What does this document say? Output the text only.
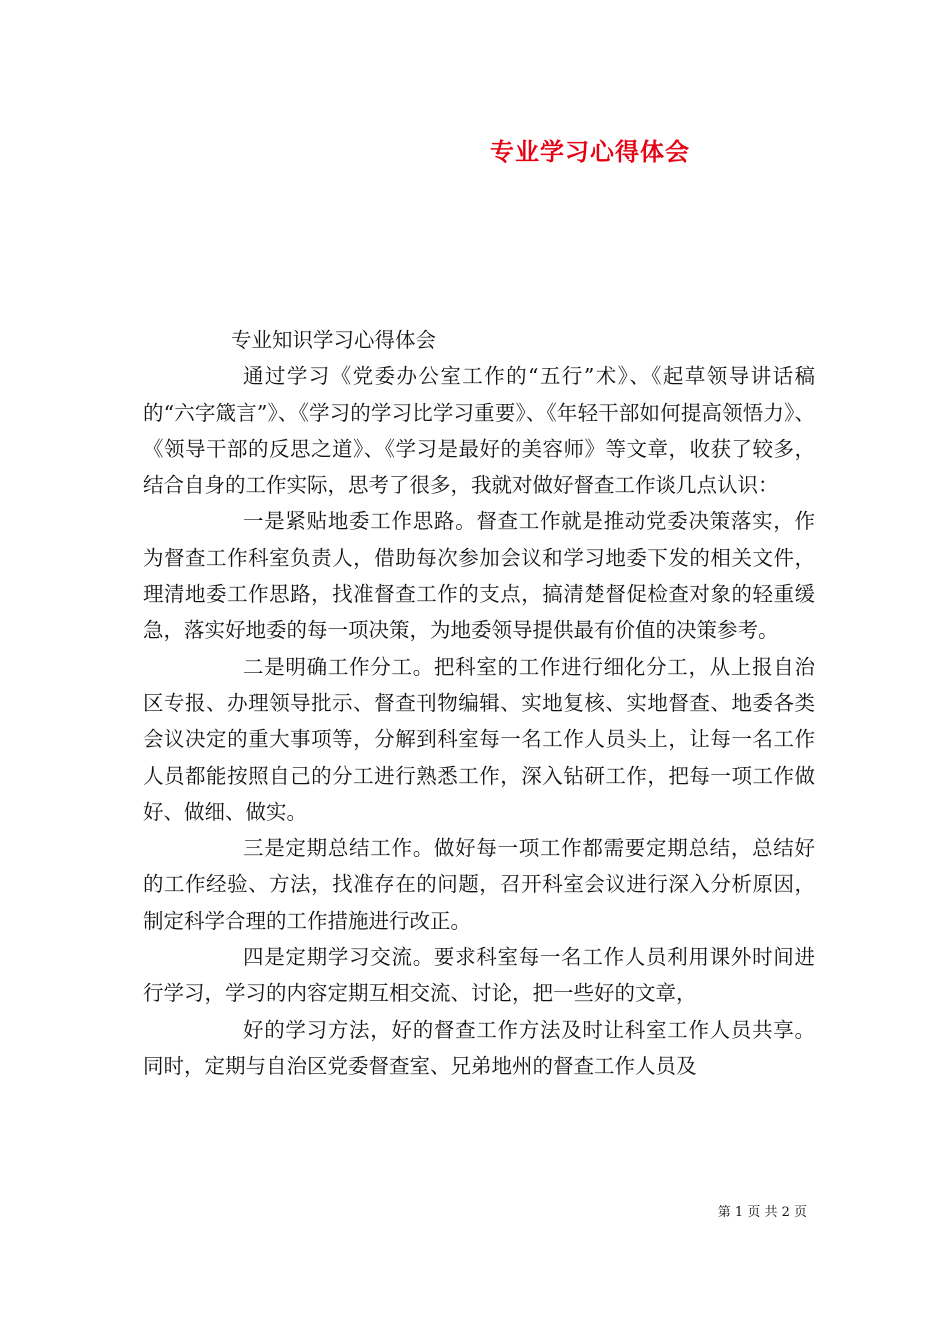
专业学习心得体会

专业知识学习心得体会

通过学习《党委办公室工作的“五行”术》、《起草领导讲话稿的“六字箴言”》、《学习的学习比学习重要》、《年轻干部如何提高领悟力》、《领导干部的反思之道》、《学习是最好的美容师》等文章，收获了较多，结合自身的工作实际，思考了很多，我就对做好督查工作谈几点认识：

一是紧贴地委工作思路。督查工作就是推动党委决策落实，作为督查工作科室负责人，借助每次参加会议和学习地委下发的相关文件，理清地委工作思路，找准督查工作的支点，搞清楚督促检查对象的轻重缓急，落实好地委的每一项决策，为地委领导提供最有价值的决策参考。

二是明确工作分工。把科室的工作进行细化分工，从上报自治区专报、办理领导批示、督查刊物编辑、实地复核、实地督查、地委各类会议决定的重大事项等，分解到科室每一名工作人员头上，让每一名工作人员都能按照自己的分工进行熟悉工作，深入钻研工作，把每一项工作做好、做细、做实。

三是定期总结工作。做好每一项工作都需要定期总结，总结好的工作经验、方法，找准存在的问题，召开科室会议进行深入分析原因，制定科学合理的工作措施进行改正。

四是定期学习交流。要求科室每一名工作人员利用课外时间进行学习，学习的内容定期互相交流、讨论，把一些好的文章，

好的学习方法，好的督查工作方法及时让科室工作人员共享。同时，定期与自治区党委督查室、兄弟地州的督查工作人员及

第 1 页 共 2 页
